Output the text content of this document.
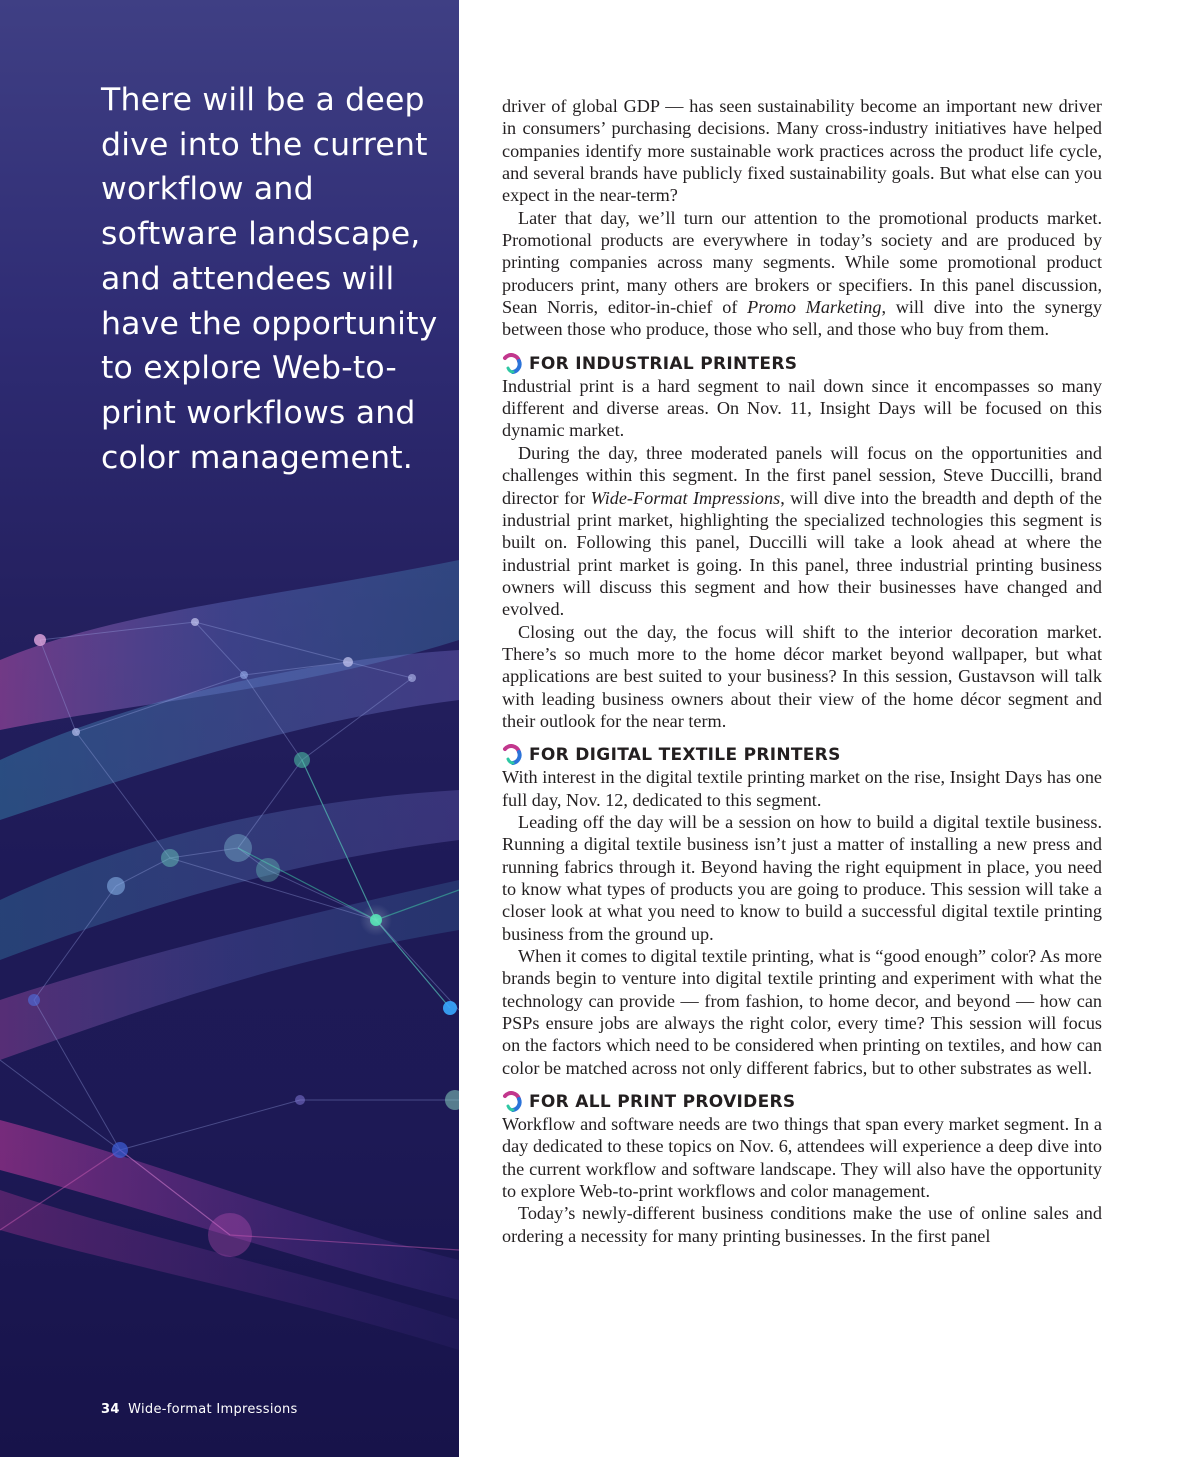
There will be a deep dive into the current workflow and software landscape, and attendees will have the opportunity to explore Web-to-print workflows and color management.

34 Wide-format Impressions

driver of global GDP — has seen sustainability become an important new driver in consumers’ purchasing decisions. Many cross-industry initiatives have helped companies identify more sustainable work practices across the product life cycle, and several brands have publicly fixed sustainability goals. But what else can you expect in the near-term?

Later that day, we’ll turn our attention to the promotional products market. Promotional products are everywhere in today’s society and are produced by printing companies across many segments. While some promotional product producers print, many others are brokers or specifiers. In this panel discussion, Sean Norris, editor-in-chief of Promo Marketing, will dive into the synergy between those who produce, those who sell, and those who buy from them.

FOR INDUSTRIAL PRINTERS

Industrial print is a hard segment to nail down since it encompasses so many different and diverse areas. On Nov. 11, Insight Days will be focused on this dynamic market.

During the day, three moderated panels will focus on the opportunities and challenges within this segment. In the first panel session, Steve Duccilli, brand director for Wide-Format Impressions, will dive into the breadth and depth of the industrial print market, highlighting the specialized technologies this segment is built on. Following this panel, Duccilli will take a look ahead at where the industrial print market is going. In this panel, three industrial printing business owners will discuss this segment and how their businesses have changed and evolved.

Closing out the day, the focus will shift to the interior decoration market. There’s so much more to the home décor market beyond wallpaper, but what applications are best suited to your business? In this session, Gustavson will talk with leading business owners about their view of the home décor segment and their outlook for the near term.

FOR DIGITAL TEXTILE PRINTERS

With interest in the digital textile printing market on the rise, Insight Days has one full day, Nov. 12, dedicated to this segment.

Leading off the day will be a session on how to build a digital textile business. Running a digital textile business isn’t just a matter of installing a new press and running fabrics through it. Beyond having the right equipment in place, you need to know what types of products you are going to produce. This session will take a closer look at what you need to know to build a successful digital textile printing business from the ground up.

When it comes to digital textile printing, what is “good enough” color? As more brands begin to venture into digital textile printing and experiment with what the technology can provide — from fashion, to home decor, and beyond — how can PSPs ensure jobs are always the right color, every time? This session will focus on the factors which need to be considered when printing on textiles, and how can color be matched across not only different fabrics, but to other substrates as well.

FOR ALL PRINT PROVIDERS

Workflow and software needs are two things that span every market segment. In a day dedicated to these topics on Nov. 6, attendees will experience a deep dive into the current workflow and software landscape. They will also have the opportunity to explore Web-to-print workflows and color management.

Today’s newly-different business conditions make the use of online sales and ordering a necessity for many printing businesses. In the first panel
